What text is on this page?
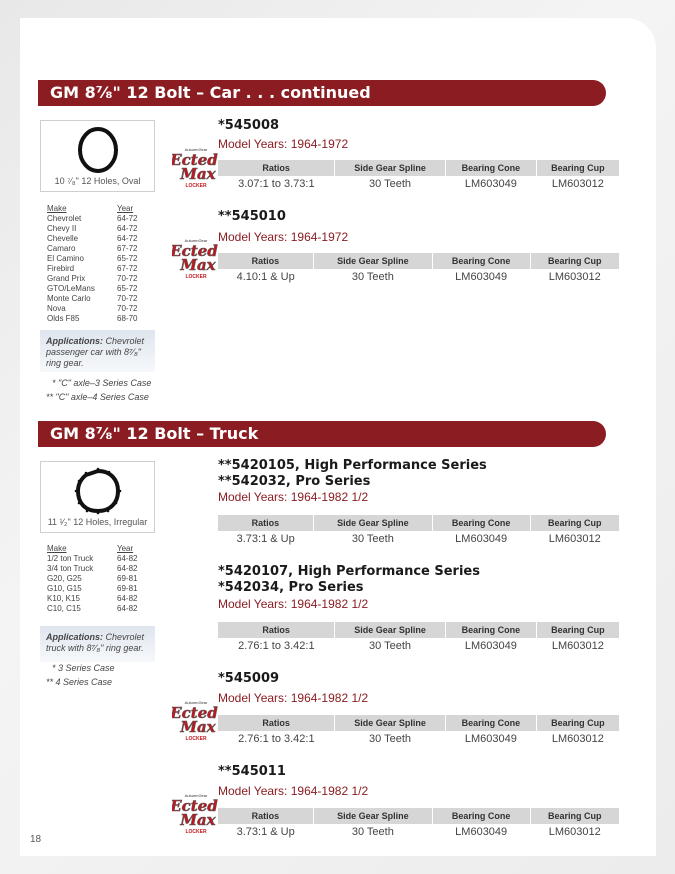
GM 8⁷⁄₈" 12 Bolt – Car . . . continued
10 ⁷⁄₈" 12 Holes, Oval
Make	Year
Chevrolet	64-72
Chevy II	64-72
Chevelle	64-72
Camaro	67-72
El Camino	65-72
Firebird	67-72
Grand Prix	70-72
GTO/LeMans	65-72
Monte Carlo	70-72
Nova	70-72
Olds F85	68-70
Applications: Chevrolet passenger car with 8⁷⁄₈" ring gear.
* "C" axle–3 Series Case
** "C" axle–4 Series Case
GM 8⁷⁄₈" 12 Bolt – Truck
11 ¹⁄₂" 12 Holes, Irregular
Make	Year
1/2 ton Truck	64-82
3/4 ton Truck	64-82
G20, G25	69-81
G10, G15	69-81
K10, K15	64-82
C10, C15	64-82
Applications: Chevrolet truck with 8⁷⁄₈" ring gear.
* 3 Series Case
** 4 Series Case
*545008
Model Years: 1964-1972
AutumnGear
Ected
Max
LOCKER
Ratios	Side Gear Spline	Bearing Cone	Bearing Cup
3.07:1 to 3.73:1	30 Teeth	LM603049	LM603012
**545010
Model Years: 1964-1972
AutumnGear
Ected
Max
LOCKER
Ratios	Side Gear Spline	Bearing Cone	Bearing Cup
4.10:1 & Up	30 Teeth	LM603049	LM603012
**5420105, High Performance Series
**542032, Pro Series
Model Years: 1964-1982 1/2
Ratios	Side Gear Spline	Bearing Cone	Bearing Cup
3.73:1 & Up	30 Teeth	LM603049	LM603012
*5420107, High Performance Series
*542034, Pro Series
Model Years: 1964-1982 1/2
Ratios	Side Gear Spline	Bearing Cone	Bearing Cup
2.76:1 to 3.42:1	30 Teeth	LM603049	LM603012
*545009
Model Years: 1964-1982 1/2
AutumnGear
Ected
Max
LOCKER
Ratios	Side Gear Spline	Bearing Cone	Bearing Cup
2.76:1 to 3.42:1	30 Teeth	LM603049	LM603012
**545011
Model Years: 1964-1982 1/2
AutumnGear
Ected
Max
LOCKER
Ratios	Side Gear Spline	Bearing Cone	Bearing Cup
3.73:1 & Up	30 Teeth	LM603049	LM603012
18
